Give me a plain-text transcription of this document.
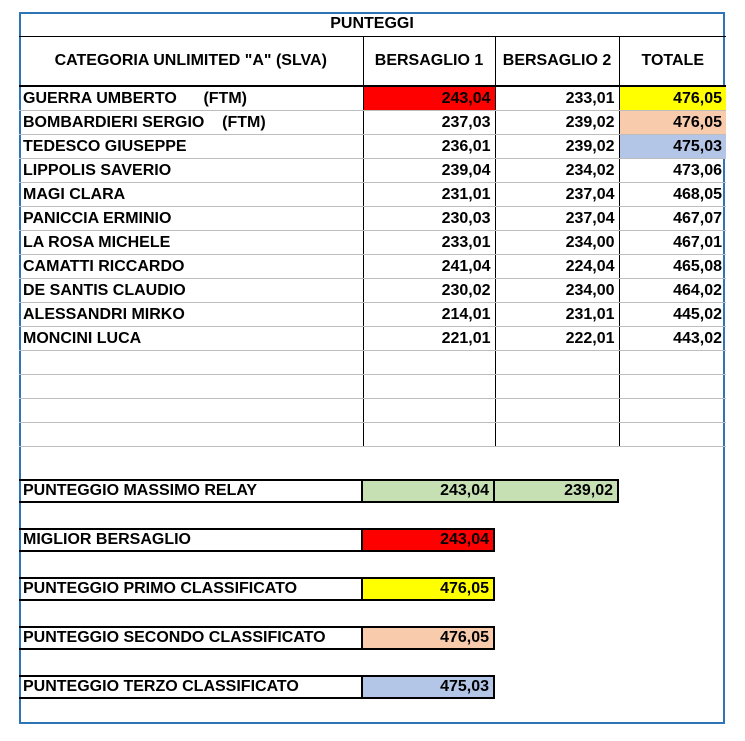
PUNTEGGI
CATEGORIA UNLIMITED "A" (SLVA)	BERSAGLIO 1	BERSAGLIO 2	TOTALE
GUERRA UMBERTO      (FTM)	243,04	233,01	476,05
BOMBARDIERI SERGIO    (FTM)	237,03	239,02	476,05
TEDESCO GIUSEPPE	236,01	239,02	475,03
LIPPOLIS SAVERIO	239,04	234,02	473,06
MAGI CLARA	231,01	237,04	468,05
PANICCIA ERMINIO	230,03	237,04	467,07
LA ROSA MICHELE	233,01	234,00	467,01
CAMATTI RICCARDO	241,04	224,04	465,08
DE SANTIS CLAUDIO	230,02	234,00	464,02
ALESSANDRI MIRKO	214,01	231,01	445,02
MONCINI LUCA	221,01	222,01	443,02

PUNTEGGIO MASSIMO RELAY	243,04	239,02
MIGLIOR BERSAGLIO	243,04
PUNTEGGIO PRIMO CLASSIFICATO	476,05
PUNTEGGIO SECONDO CLASSIFICATO	476,05
PUNTEGGIO TERZO CLASSIFICATO	475,03
